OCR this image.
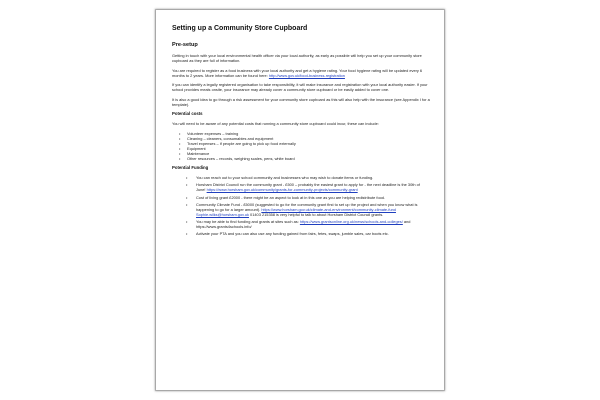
Setting up a Community Store Cupboard
Pre-setup

Getting in touch with your local environmental health officer via your local authority, as early as possible will help you set up your community store cupboard as they are full of information.

You are required to register as a food business with your local authority and get a hygiene rating. Your food hygiene rating will be updated every 6 months to 2 years. More information can be found here: http://www.gov.uk/food-business-registration

If you can identify a legally registered organisation to take responsibility, it will make insurance and registration with your local authority easier. If your school provides meals onsite, your insurance may already cover a community store cupboard or be easily added to cover one.

It is also a good idea to go through a risk assessment for your community store cupboard as this will also help with the insurance (see Appendix I for a template).

Potential costs

You will need to be aware of any potential costs that running a community store cupboard could incur, these can include:

• Volunteer expenses – training
• Cleaning – cleaners, consumables and equipment
• Travel expenses – if people are going to pick up food externally
• Equipment
• Maintenance
• Other resources – records, weighing scales, pens, white board
Potential Funding
• You can reach out to your school community and businesses who may wish to donate items or funding.
• Horsham District Council run the community grant - £500 – probably the easiest grant to apply for - the next deadline is the 30th of June! https://www.horsham.gov.uk/community/grants-for-community-projects/community-grant
• Cost of living grant £2000 - there might be an aspect to look at in this one as you are helping redistribute food.
• Community Climate Fund - £5000 (suggested to go for the community grant first to set up the project and when you know what is happening to go for a larger amount). https://www.horsham.gov.uk/climate-and-environment/community-climate-fund
Sophie.wilks@horsham.gov.uk 01403 215358 is very helpful to talk to about Horsham District Council grants.
• You may be able to find funding and grants at sites such as: https://www.grantsonline.org.uk/news/schools-and-colleges/ and https://www.grants4schools.info/
• Activate your PTA and you can also use any funding gained from fairs, fetes, swaps, jumble sales, car boots etc.
